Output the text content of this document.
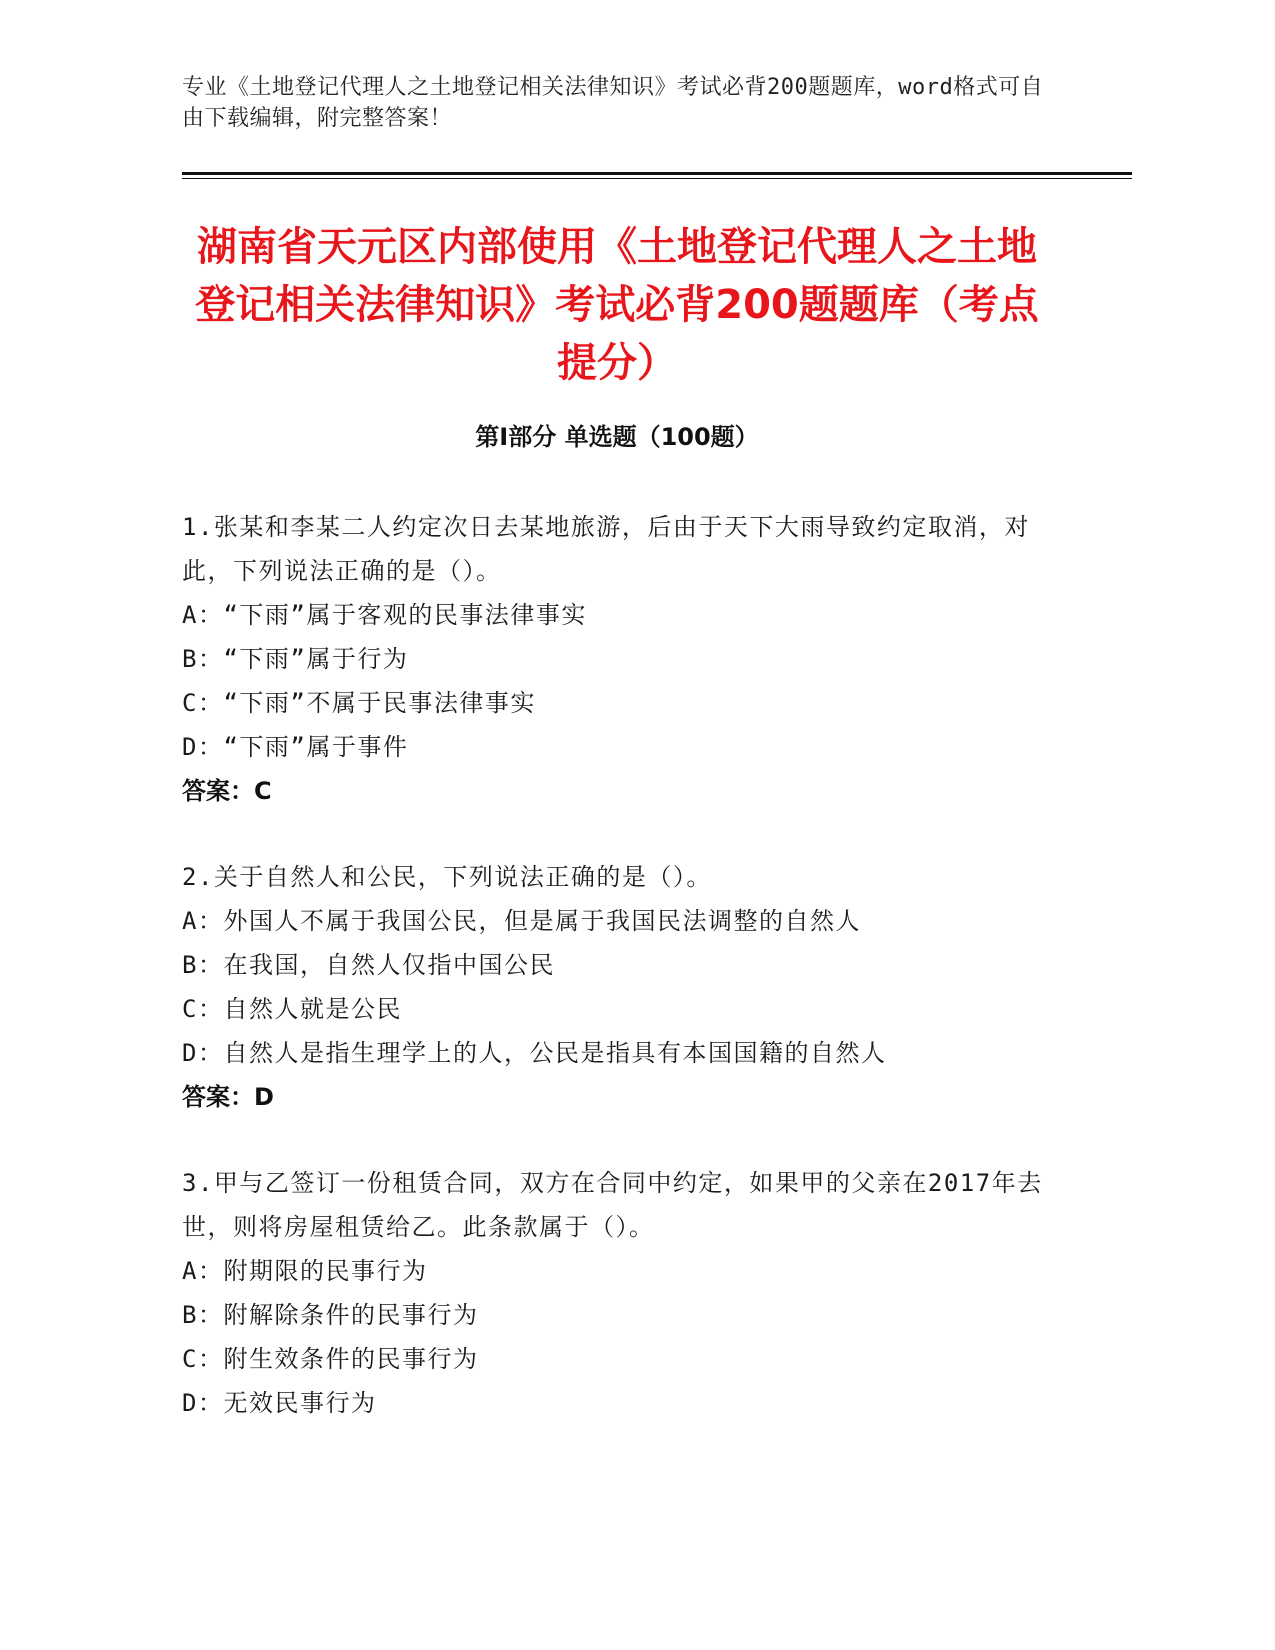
专业《土地登记代理人之土地登记相关法律知识》考试必背200题题库，word格式可自由下载编辑，附完整答案！
湖南省天元区内部使用《土地登记代理人之土地登记相关法律知识》考试必背200题题库（考点提分）
第I部分 单选题（100题）

1.张某和李某二人约定次日去某地旅游，后由于天下大雨导致约定取消，对此，下列说法正确的是（）。

A：“下雨”属于客观的民事法律事实

B：“下雨”属于行为

C：“下雨”不属于民事法律事实

D：“下雨”属于事件

答案：C

2.关于自然人和公民，下列说法正确的是（）。

A：外国人不属于我国公民，但是属于我国民法调整的自然人

B：在我国，自然人仅指中国公民

C：自然人就是公民

D：自然人是指生理学上的人，公民是指具有本国国籍的自然人

答案：D

3.甲与乙签订一份租赁合同，双方在合同中约定，如果甲的父亲在2017年去世，则将房屋租赁给乙。此条款属于（）。

A：附期限的民事行为

B：附解除条件的民事行为

C：附生效条件的民事行为

D：无效民事行为
